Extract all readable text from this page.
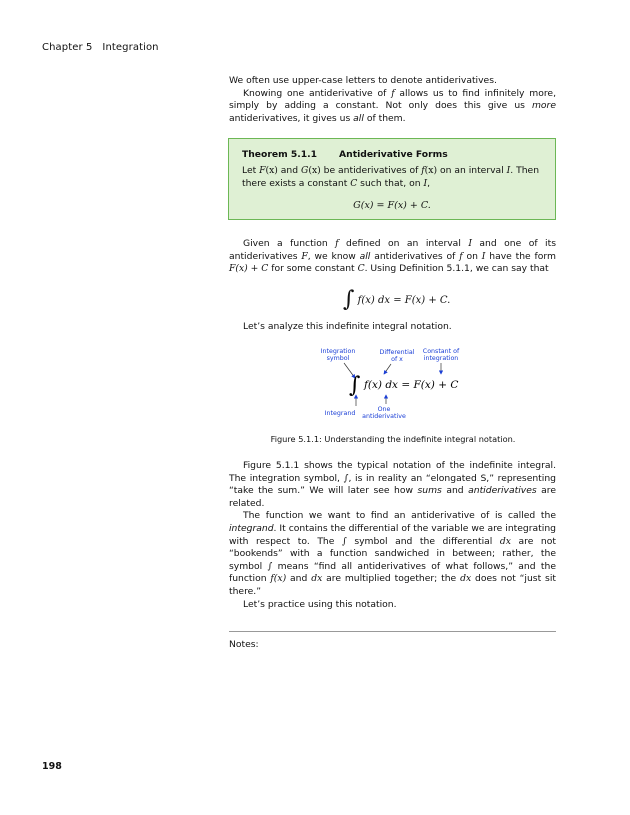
Chapter 5 Integration

We often use upper-case letters to denote antiderivatives.

Knowing one antiderivative of f allows us to find infinitely more, simply by adding a constant. Not only does this give us more antiderivatives, it gives us all of them.

Theorem 5.1.1 Antiderivative Forms
Let F(x) and G(x) be antiderivatives of f(x) on an interval I. Then there exists a constant C such that, on I,
G(x) = F(x) + C.

Given a function f defined on an interval I and one of its antiderivatives F, we know all antiderivatives of f on I have the form F(x) + C for some constant C. Using Definition 5.1.1, we can say that

∫ f(x) dx = F(x) + C.
Let’s analyze this indefinite integral notation.
Integration
symbol
Differential
of x
Constant of
integration
Integrand
One
antiderivative
∫ f(x) dx = F(x) + C
Figure 5.1.1: Understanding the indefinite integral notation.

Figure 5.1.1 shows the typical notation of the indefinite integral. The integration symbol, ∫, is in reality an “elongated S,” representing “take the sum.” We will later see how sums and antiderivatives are related.

The function we want to find an antiderivative of is called the integrand. It contains the differential of the variable we are integrating with respect to. The ∫ symbol and the differential dx are not “bookends” with a function sandwiched in between; rather, the symbol ∫ means “find all antiderivatives of what follows,” and the function f(x) and dx are multiplied together; the dx does not “just sit there.”

Let’s practice using this notation.

Notes:
198
